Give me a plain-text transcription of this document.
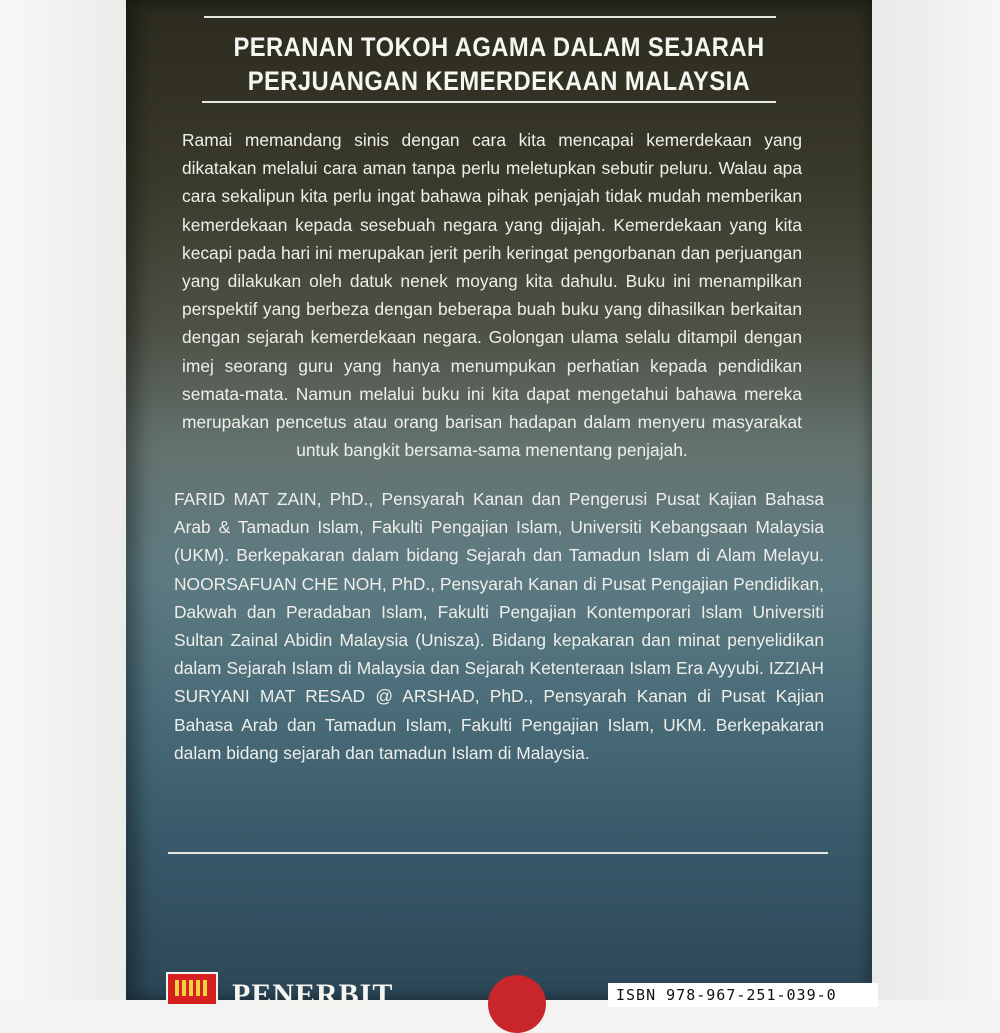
PERANAN TOKOH AGAMA DALAM SEJARAH
PERJUANGAN KEMERDEKAAN MALAYSIA
Ramai memandang sinis dengan cara kita mencapai kemerdekaan yang dikatakan melalui cara aman tanpa perlu meletupkan sebutir peluru. Walau apa cara sekalipun kita perlu ingat bahawa pihak penjajah tidak mudah memberikan kemerdekaan kepada sesebuah negara yang dijajah. Kemerdekaan yang kita kecapi pada hari ini merupakan jerit perih keringat pengorbanan dan perjuangan yang dilakukan oleh datuk nenek moyang kita dahulu. Buku ini menampilkan perspektif yang berbeza dengan beberapa buah buku yang dihasilkan berkaitan dengan sejarah kemerdekaan negara. Golongan ulama selalu ditampil dengan imej seorang guru yang hanya menumpukan perhatian kepada pendidikan semata-mata. Namun melalui buku ini kita dapat mengetahui bahawa mereka merupakan pencetus atau orang barisan hadapan dalam menyeru masyarakat untuk bangkit bersama-sama menentang penjajah.
FARID MAT ZAIN, PhD., Pensyarah Kanan dan Pengerusi Pusat Kajian Bahasa Arab & Tamadun Islam, Fakulti Pengajian Islam, Universiti Kebangsaan Malaysia (UKM). Berkepakaran dalam bidang Sejarah dan Tamadun Islam di Alam Melayu. NOORSAFUAN CHE NOH, PhD., Pensyarah Kanan di Pusat Pengajian Pendidikan, Dakwah dan Peradaban Islam, Fakulti Pengajian Kontemporari Islam Universiti Sultan Zainal Abidin Malaysia (Unisza). Bidang kepakaran dan minat penyelidikan dalam Sejarah Islam di Malaysia dan Sejarah Ketenteraan Islam Era Ayyubi. IZZIAH SURYANI MAT RESAD @ ARSHAD, PhD., Pensyarah Kanan di Pusat Kajian Bahasa Arab dan Tamadun Islam, Fakulti Pengajian Islam, UKM. Berkepakaran dalam bidang sejarah dan tamadun Islam di Malaysia.
PENERBIT	ISBN 978-967-251-039-0
